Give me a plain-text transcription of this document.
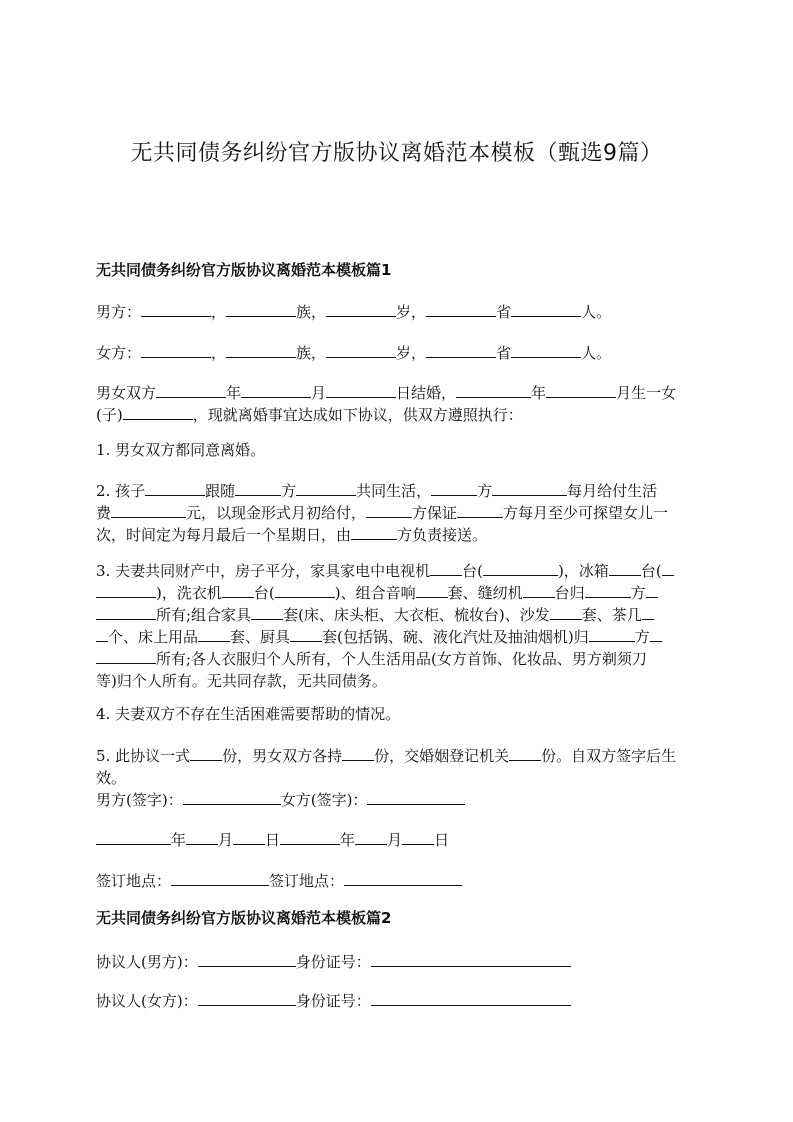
无共同债务纠纷官方版协议离婚范本模板（甄选9篇）
无共同债务纠纷官方版协议离婚范本模板篇1
男方：	，	族，	岁，	省	人。
女方：	，	族，	岁，	省	人。
男女双方	年	月	日结婚，	年	月生一女
(子)	，现就离婚事宜达成如下协议，供双方遵照执行：
1. 男女双方都同意离婚。
2. 孩子	跟随	方	共同生活，	方	每月给付生活
费	元，以现金形式月初给付，	方保证	方每月至少可探望女儿一
次，时间定为每月最后一个星期日，由	方负责接送。
3. 夫妻共同财产中，房子平分，家具家电中电视机 台(	)，冰箱 台(
)，洗衣机 台(	)、组合音响 套、缝纫机 台归	方
所有;组合家具 套(床、床头柜、大衣柜、梳妆台)、沙发 套、茶几
个、床上用品 套、厨具 套(包括锅、碗、液化汽灶及抽油烟机)归	方
所有;各人衣服归个人所有，个人生活用品(女方首饰、化妆品、男方剃须刀
等)归个人所有。无共同存款，无共同债务。
4. 夫妻双方不存在生活困难需要帮助的情况。
5. 此协议一式 份，男女双方各持 份，交婚姻登记机关 份。自双方签字后生效。
男方(签字)：	女方(签字)：
年 月 日	年 月 日
签订地点：	签订地点：
无共同债务纠纷官方版协议离婚范本模板篇2
协议人(男方)：	身份证号：
协议人(女方)：	身份证号：
